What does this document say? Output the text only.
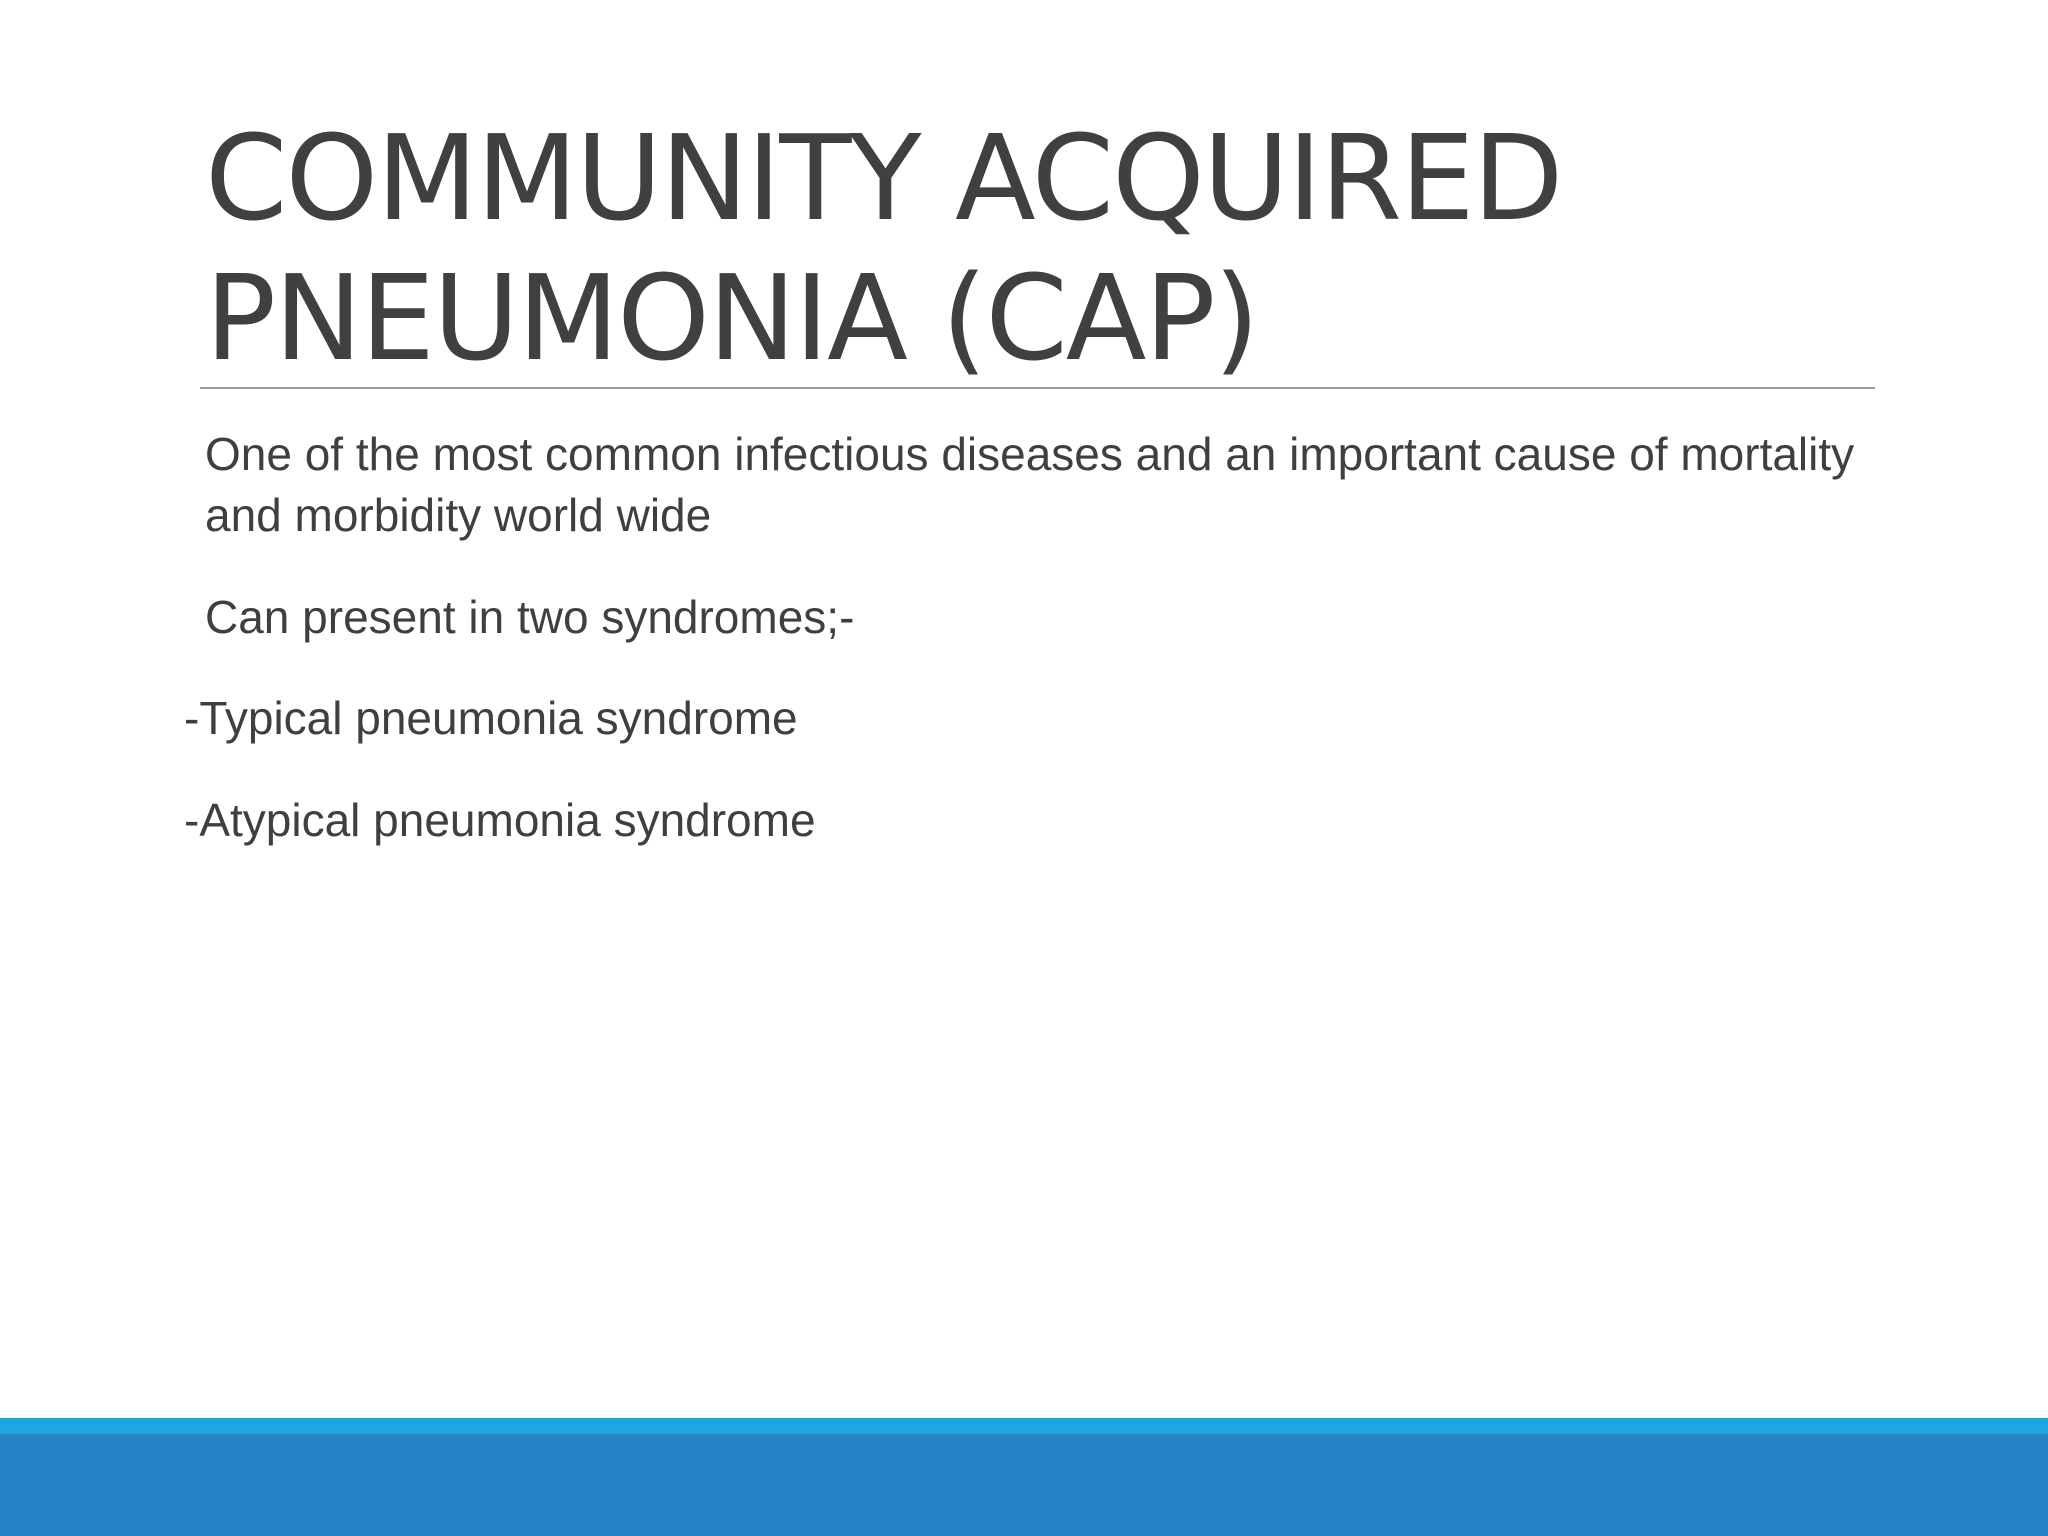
COMMUNITY ACQUIRED
PNEUMONIA (CAP)

One of the most common infectious diseases and an important cause of mortality and morbidity world wide

Can present in two syndromes;-

-Typical pneumonia syndrome

-Atypical pneumonia syndrome
